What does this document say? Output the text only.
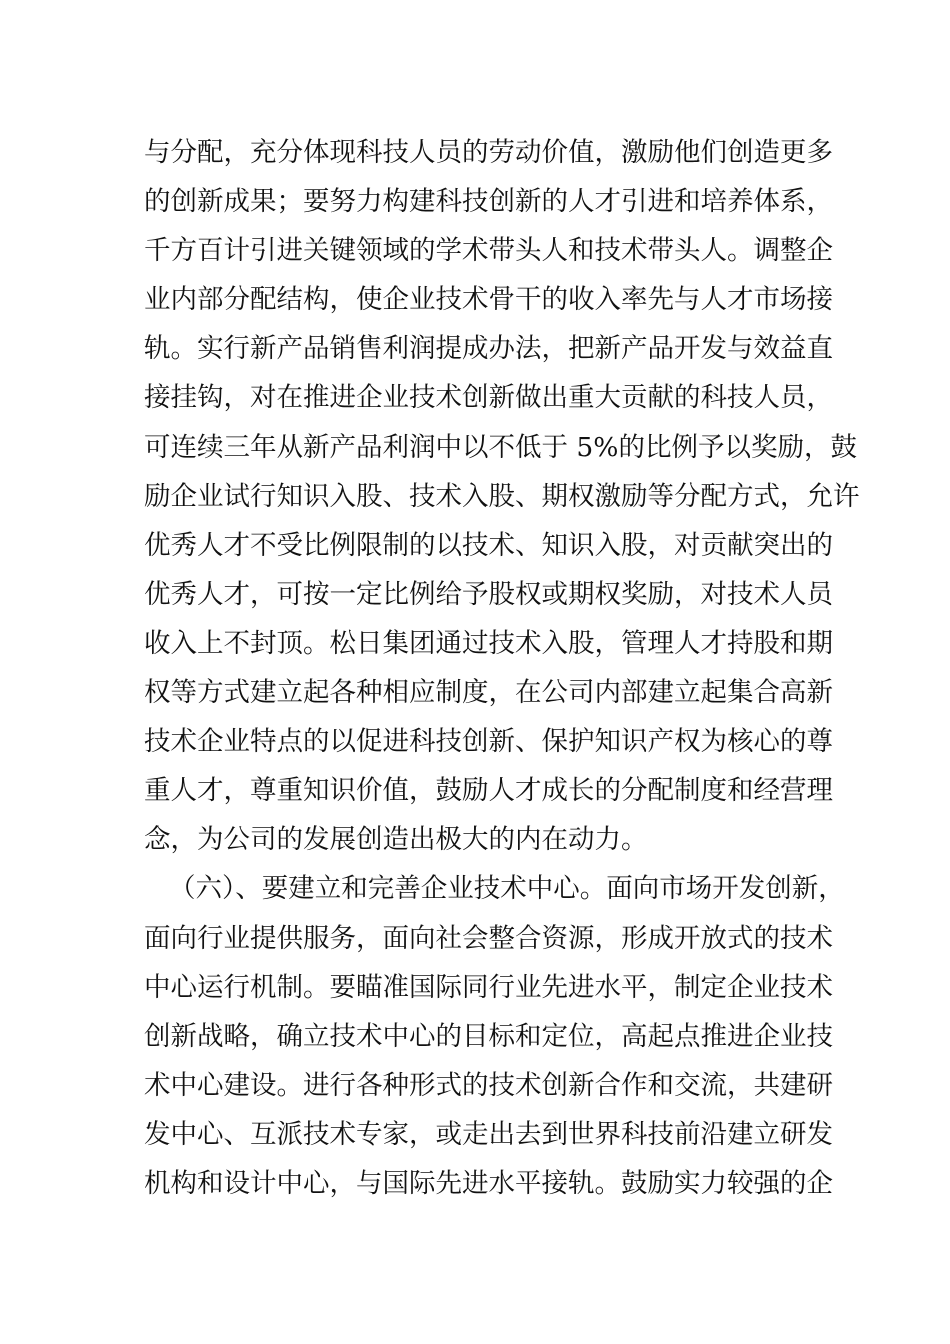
与分配，充分体现科技人员的劳动价值，激励他们创造更多
的创新成果；要努力构建科技创新的人才引进和培养体系，
千方百计引进关键领域的学术带头人和技术带头人。调整企
业内部分配结构，使企业技术骨干的收入率先与人才市场接
轨。实行新产品销售利润提成办法，把新产品开发与效益直
接挂钩，对在推进企业技术创新做出重大贡献的科技人员，
可连续三年从新产品利润中以不低于 5%的比例予以奖励，鼓
励企业试行知识入股、技术入股、期权激励等分配方式，允许
优秀人才不受比例限制的以技术、知识入股，对贡献突出的
优秀人才，可按一定比例给予股权或期权奖励，对技术人员
收入上不封顶。松日集团通过技术入股，管理人才持股和期
权等方式建立起各种相应制度，在公司内部建立起集合高新
技术企业特点的以促进科技创新、保护知识产权为核心的尊
重人才，尊重知识价值，鼓励人才成长的分配制度和经营理
念，为公司的发展创造出极大的内在动力。
（六）、要建立和完善企业技术中心。面向市场开发创新，
面向行业提供服务，面向社会整合资源，形成开放式的技术
中心运行机制。要瞄准国际同行业先进水平，制定企业技术
创新战略，确立技术中心的目标和定位，高起点推进企业技
术中心建设。进行各种形式的技术创新合作和交流，共建研
发中心、互派技术专家，或走出去到世界科技前沿建立研发
机构和设计中心，与国际先进水平接轨。鼓励实力较强的企
